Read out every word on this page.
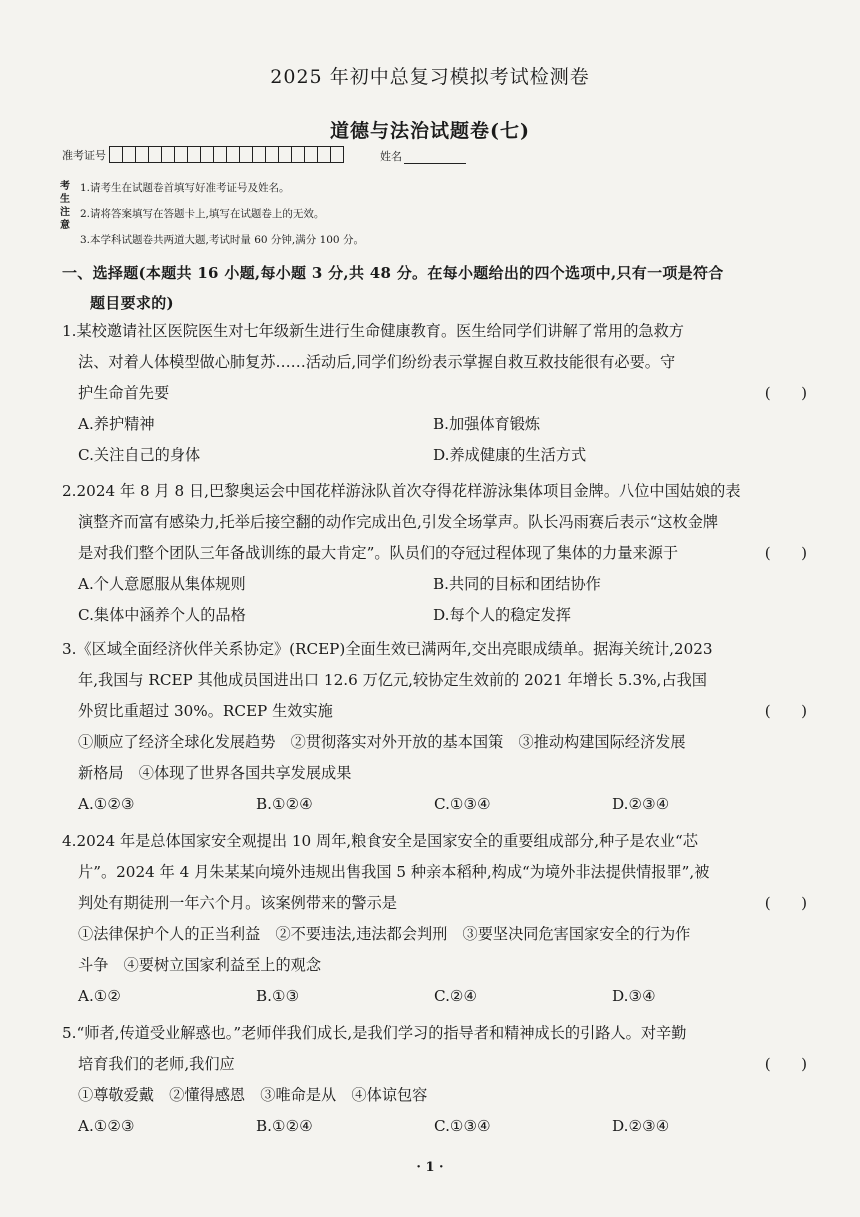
2025 年初中总复习模拟考试检测卷
道德与法治试题卷(七)
准考证号	姓名
考生注意
1.请考生在试题卷首填写好准考证号及姓名。
2.请将答案填写在答题卡上,填写在试题卷上的无效。
3.本学科试题卷共两道大题,考试时量 60 分钟,满分 100 分。
一、选择题(本题共 16 小题,每小题 3 分,共 48 分。在每小题给出的四个选项中,只有一项是符合
题目要求的)
1.某校邀请社区医院医生对七年级新生进行生命健康教育。医生给同学们讲解了常用的急救方
法、对着人体模型做心肺复苏……活动后,同学们纷纷表示掌握自救互救技能很有必要。守
护生命首先要	(　　)
A.养护精神	B.加强体育锻炼
C.关注自己的身体	D.养成健康的生活方式
2.2024 年 8 月 8 日,巴黎奥运会中国花样游泳队首次夺得花样游泳集体项目金牌。八位中国姑娘的表
演整齐而富有感染力,托举后接空翻的动作完成出色,引发全场掌声。队长冯雨赛后表示“这枚金牌
是对我们整个团队三年备战训练的最大肯定”。队员们的夺冠过程体现了集体的力量来源于	(　　)
A.个人意愿服从集体规则	B.共同的目标和团结协作
C.集体中涵养个人的品格	D.每个人的稳定发挥
3.《区域全面经济伙伴关系协定》(RCEP)全面生效已满两年,交出亮眼成绩单。据海关统计,2023
年,我国与 RCEP 其他成员国进出口 12.6 万亿元,较协定生效前的 2021 年增长 5.3%,占我国
外贸比重超过 30%。RCEP 生效实施	(　　)
①顺应了经济全球化发展趋势　②贯彻落实对外开放的基本国策　③推动构建国际经济发展
新格局　④体现了世界各国共享发展成果
A.①②③	B.①②④	C.①③④	D.②③④
4.2024 年是总体国家安全观提出 10 周年,粮食安全是国家安全的重要组成部分,种子是农业“芯
片”。2024 年 4 月朱某某向境外违规出售我国 5 种亲本稻种,构成“为境外非法提供情报罪”,被
判处有期徒刑一年六个月。该案例带来的警示是	(　　)
①法律保护个人的正当利益　②不要违法,违法都会判刑　③要坚决同危害国家安全的行为作
斗争　④要树立国家利益至上的观念
A.①②	B.①③	C.②④	D.③④
5.“师者,传道受业解惑也。”老师伴我们成长,是我们学习的指导者和精神成长的引路人。对辛勤
培育我们的老师,我们应	(　　)
①尊敬爱戴　②懂得感恩　③唯命是从　④体谅包容
A.①②③	B.①②④	C.①③④	D.②③④
· 1 ·
